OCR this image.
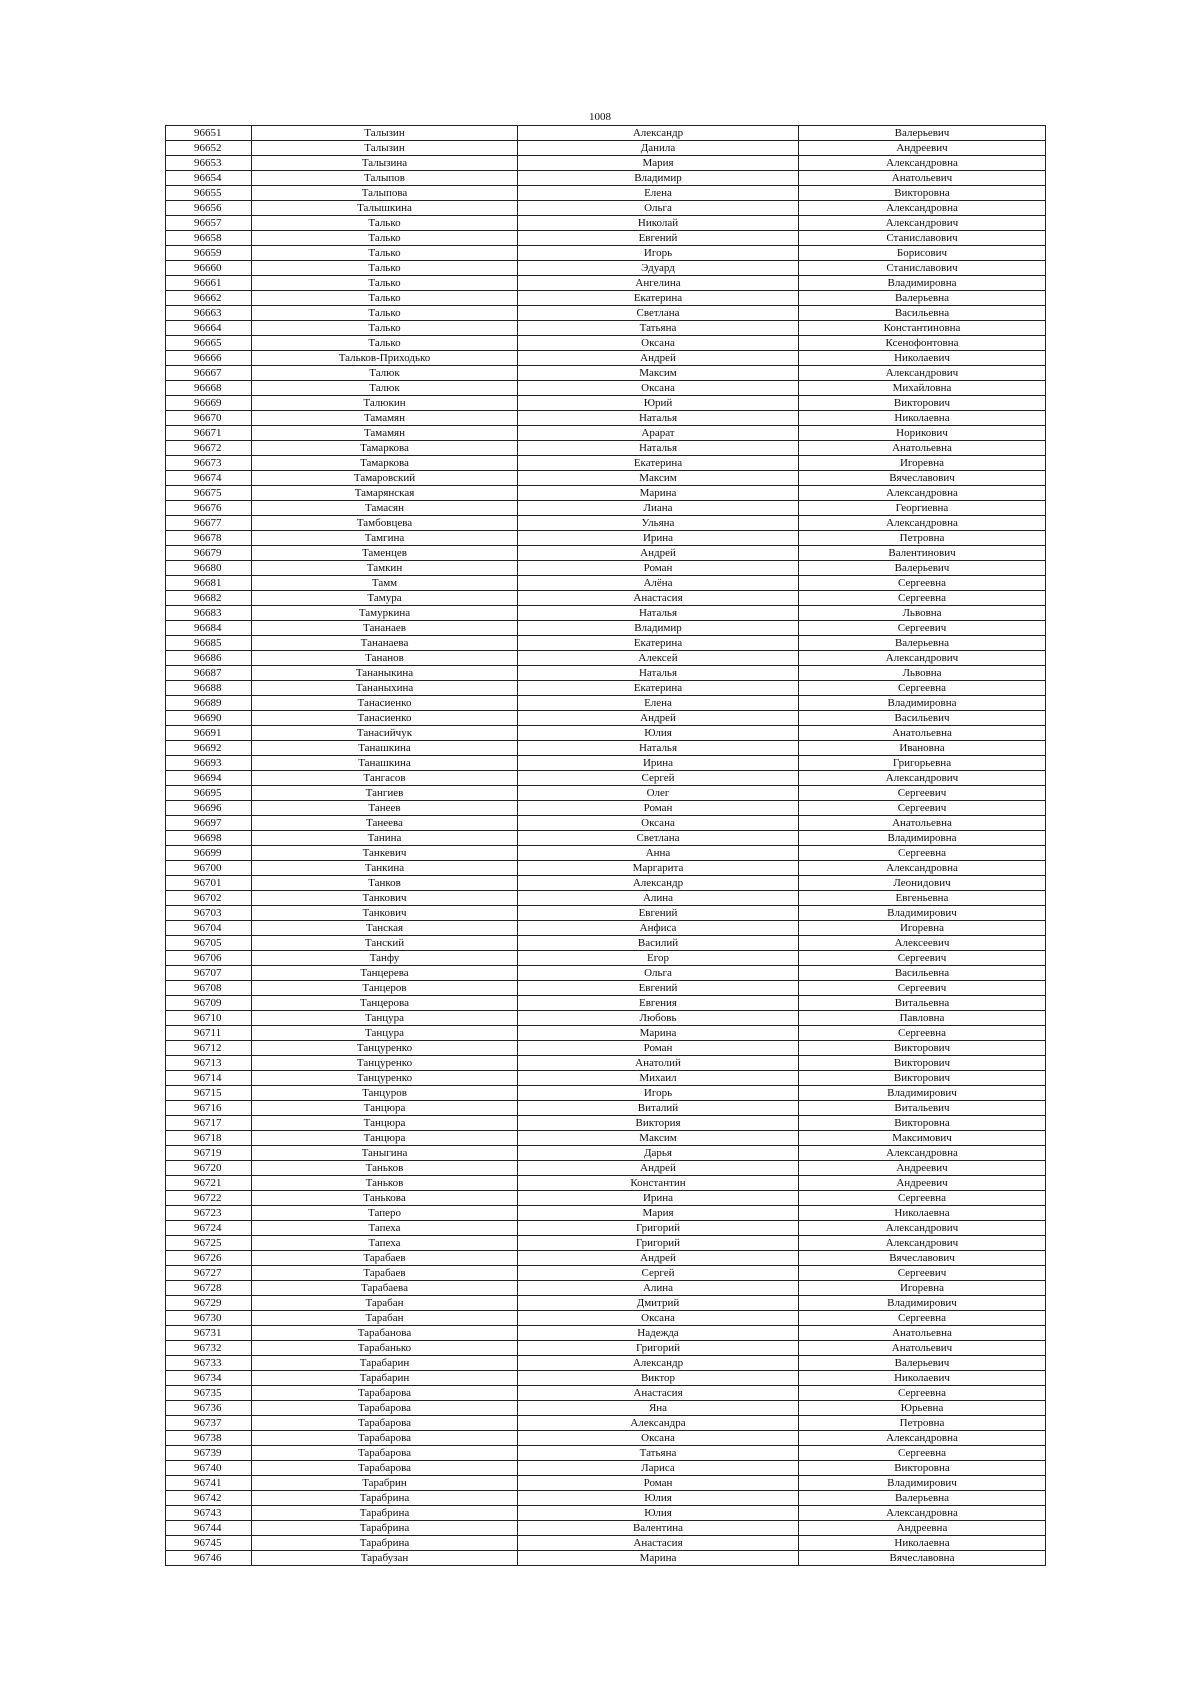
1008
96651	Талызин	Александр	Валерьевич
96652	Талызин	Данила	Андреевич
96653	Талызина	Мария	Александровна
96654	Талыпов	Владимир	Анатольевич
96655	Талыпова	Елена	Викторовна
96656	Талышкина	Ольга	Александровна
96657	Талько	Николай	Александрович
96658	Талько	Евгений	Станиславович
96659	Талько	Игорь	Борисович
96660	Талько	Эдуард	Станиславович
96661	Талько	Ангелина	Владимировна
96662	Талько	Екатерина	Валерьевна
96663	Талько	Светлана	Васильевна
96664	Талько	Татьяна	Константиновна
96665	Талько	Оксана	Ксенофонтовна
96666	Тальков-Приходько	Андрей	Николаевич
96667	Талюк	Максим	Александрович
96668	Талюк	Оксана	Михайловна
96669	Талюкин	Юрий	Викторович
96670	Тамамян	Наталья	Николаевна
96671	Тамамян	Арарат	Норикович
96672	Тамаркова	Наталья	Анатольевна
96673	Тамаркова	Екатерина	Игоревна
96674	Тамаровский	Максим	Вячеславович
96675	Тамарянская	Марина	Александровна
96676	Тамасян	Лиана	Георгиевна
96677	Тамбовцева	Ульяна	Александровна
96678	Тамгина	Ирина	Петровна
96679	Таменцев	Андрей	Валентинович
96680	Тамкин	Роман	Валерьевич
96681	Тамм	Алёна	Сергеевна
96682	Тамура	Анастасия	Сергеевна
96683	Тамуркина	Наталья	Львовна
96684	Тананаев	Владимир	Сергеевич
96685	Тананаева	Екатерина	Валерьевна
96686	Тананов	Алексей	Александрович
96687	Тананыкина	Наталья	Львовна
96688	Тананыхина	Екатерина	Сергеевна
96689	Танасиенко	Елена	Владимировна
96690	Танасиенко	Андрей	Васильевич
96691	Танасийчук	Юлия	Анатольевна
96692	Танашкина	Наталья	Ивановна
96693	Танашкина	Ирина	Григорьевна
96694	Тангасов	Сергей	Александрович
96695	Тангиев	Олег	Сергеевич
96696	Танеев	Роман	Сергеевич
96697	Танеева	Оксана	Анатольевна
96698	Танина	Светлана	Владимировна
96699	Танкевич	Анна	Сергеевна
96700	Танкина	Маргарита	Александровна
96701	Танков	Александр	Леонидович
96702	Танкович	Алина	Евгеньевна
96703	Танкович	Евгений	Владимирович
96704	Танская	Анфиса	Игоревна
96705	Танский	Василий	Алексеевич
96706	Танфу	Егор	Сергеевич
96707	Танцерева	Ольга	Васильевна
96708	Танцеров	Евгений	Сергеевич
96709	Танцерова	Евгения	Витальевна
96710	Танцура	Любовь	Павловна
96711	Танцура	Марина	Сергеевна
96712	Танцуренко	Роман	Викторович
96713	Танцуренко	Анатолий	Викторович
96714	Танцуренко	Михаил	Викторович
96715	Танцуров	Игорь	Владимирович
96716	Танцюра	Виталий	Витальевич
96717	Танцюра	Виктория	Викторовна
96718	Танцюра	Максим	Максимович
96719	Таныгина	Дарья	Александровна
96720	Таньков	Андрей	Андреевич
96721	Таньков	Константин	Андреевич
96722	Танькова	Ирина	Сергеевна
96723	Таперо	Мария	Николаевна
96724	Тапеха	Григорий	Александрович
96725	Тапеха	Григорий	Александрович
96726	Тарабаев	Андрей	Вячеславович
96727	Тарабаев	Сергей	Сергеевич
96728	Тарабаева	Алина	Игоревна
96729	Тарабан	Дмитрий	Владимирович
96730	Тарабан	Оксана	Сергеевна
96731	Тарабанова	Надежда	Анатольевна
96732	Тарабанько	Григорий	Анатольевич
96733	Тарабарин	Александр	Валерьевич
96734	Тарабарин	Виктор	Николаевич
96735	Тарабарова	Анастасия	Сергеевна
96736	Тарабарова	Яна	Юрьевна
96737	Тарабарова	Александра	Петровна
96738	Тарабарова	Оксана	Александровна
96739	Тарабарова	Татьяна	Сергеевна
96740	Тарабарова	Лариса	Викторовна
96741	Тарабрин	Роман	Владимирович
96742	Тарабрина	Юлия	Валерьевна
96743	Тарабрина	Юлия	Александровна
96744	Тарабрина	Валентина	Андреевна
96745	Тарабрина	Анастасия	Николаевна
96746	Тарабузан	Марина	Вячеславовна
